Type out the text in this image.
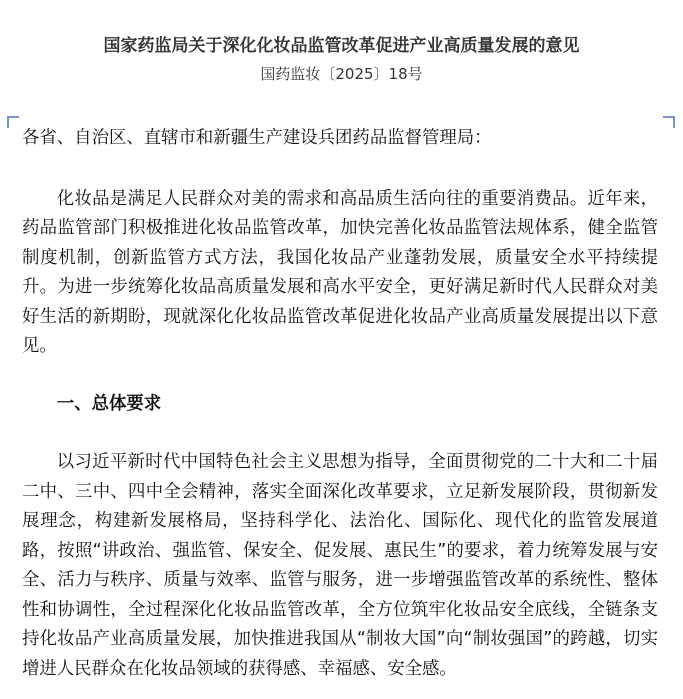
国家药监局关于深化化妆品监管改革促进产业高质量发展的意见
国药监妆〔2025〕18号

各省、自治区、直辖市和新疆生产建设兵团药品监督管理局：

化妆品是满足人民群众对美的需求和高品质生活向往的重要消费品。近年来，药品监管部门积极推进化妆品监管改革，加快完善化妆品监管法规体系，健全监管制度机制，创新监管方式方法，我国化妆品产业蓬勃发展，质量安全水平持续提升。为进一步统筹化妆品高质量发展和高水平安全，更好满足新时代人民群众对美好生活的新期盼，现就深化化妆品监管改革促进化妆品产业高质量发展提出以下意见。

一、总体要求

以习近平新时代中国特色社会主义思想为指导，全面贯彻党的二十大和二十届二中、三中、四中全会精神，落实全面深化改革要求，立足新发展阶段，贯彻新发展理念，构建新发展格局，坚持科学化、法治化、国际化、现代化的监管发展道路，按照“讲政治、强监管、保安全、促发展、惠民生”的要求，着力统筹发展与安全、活力与秩序、质量与效率、监管与服务，进一步增强监管改革的系统性、整体性和协调性，全过程深化化妆品监管改革，全方位筑牢化妆品安全底线，全链条支持化妆品产业高质量发展，加快推进我国从“制妆大国”向“制妆强国”的跨越，切实增进人民群众在化妆品领域的获得感、幸福感、安全感。
